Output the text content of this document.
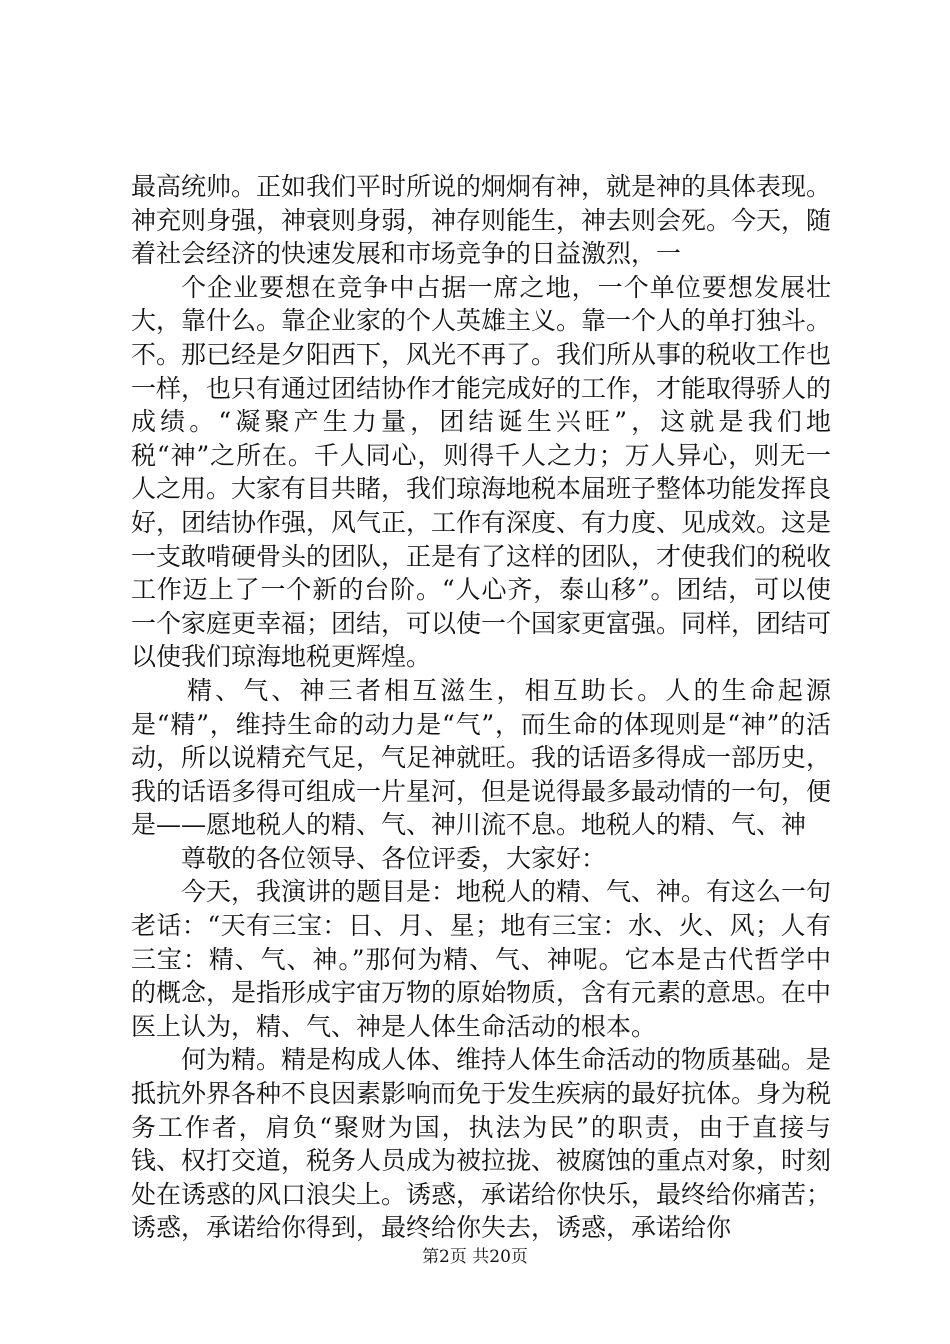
最高统帅。正如我们平时所说的炯炯有神，就是神的具体表现。神充则身强，神衰则身弱，神存则能生，神去则会死。今天，随着社会经济的快速发展和市场竞争的日益激烈，一

个企业要想在竞争中占据一席之地，一个单位要想发展壮大，靠什么。靠企业家的个人英雄主义。靠一个人的单打独斗。不。那已经是夕阳西下，风光不再了。我们所从事的税收工作也一样，也只有通过团结协作才能完成好的工作，才能取得骄人的成绩。“凝聚产生力量，团结诞生兴旺”，这就是我们地税“神”之所在。千人同心，则得千人之力；万人异心，则无一人之用。大家有目共睹，我们琼海地税本届班子整体功能发挥良好，团结协作强，风气正，工作有深度、有力度、见成效。这是一支敢啃硬骨头的团队，正是有了这样的团队，才使我们的税收工作迈上了一个新的台阶。“人心齐，泰山移”。团结，可以使一个家庭更幸福；团结，可以使一个国家更富强。同样，团结可以使我们琼海地税更辉煌。

精、气、神三者相互滋生，相互助长。人的生命起源是“精”，维持生命的动力是“气”，而生命的体现则是“神”的活动，所以说精充气足，气足神就旺。我的话语多得成一部历史，我的话语多得可组成一片星河，但是说得最多最动情的一句，便是——愿地税人的精、气、神川流不息。地税人的精、气、神

尊敬的各位领导、各位评委，大家好：

今天，我演讲的题目是：地税人的精、气、神。有这么一句老话：“天有三宝：日、月、星；地有三宝：水、火、风；人有三宝：精、气、神。”那何为精、气、神呢。它本是古代哲学中的概念，是指形成宇宙万物的原始物质，含有元素的意思。在中医上认为，精、气、神是人体生命活动的根本。

何为精。精是构成人体、维持人体生命活动的物质基础。是抵抗外界各种不良因素影响而免于发生疾病的最好抗体。身为税务工作者，肩负“聚财为国，执法为民”的职责，由于直接与钱、权打交道，税务人员成为被拉拢、被腐蚀的重点对象，时刻处在诱惑的风口浪尖上。诱惑，承诺给你快乐，最终给你痛苦；诱惑，承诺给你得到，最终给你失去，诱惑，承诺给你

第2页 共20页
